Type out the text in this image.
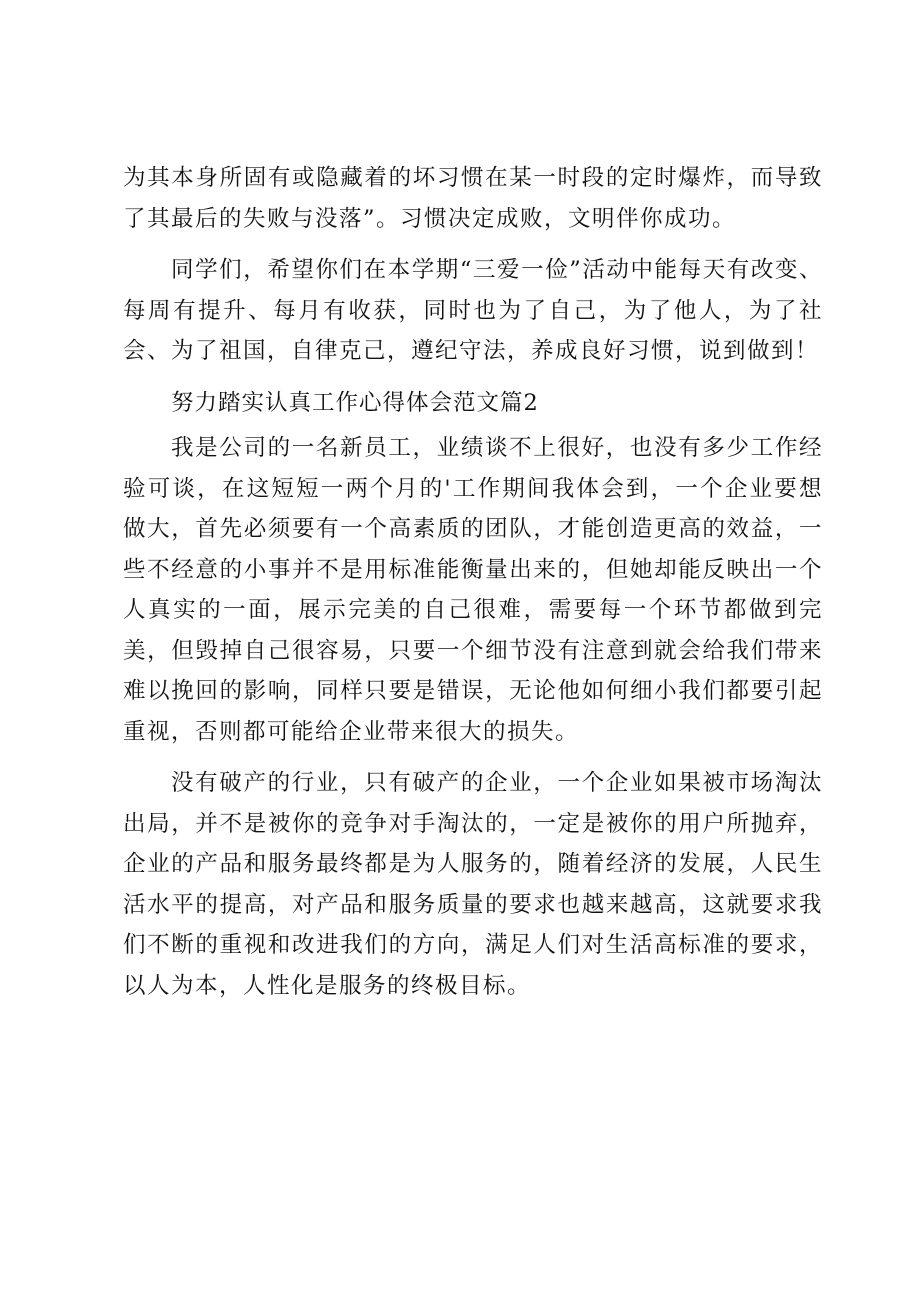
为其本身所固有或隐藏着的坏习惯在某一时段的定时爆炸，而导致了其最后的失败与没落”。习惯决定成败，文明伴你成功。

同学们，希望你们在本学期“三爱一俭”活动中能每天有改变、每周有提升、每月有收获，同时也为了自己，为了他人，为了社会、为了祖国，自律克己，遵纪守法，养成良好习惯，说到做到！

努力踏实认真工作心得体会范文篇2

我是公司的一名新员工，业绩谈不上很好，也没有多少工作经验可谈，在这短短一两个月的'工作期间我体会到，一个企业要想做大，首先必须要有一个高素质的团队，才能创造更高的效益，一些不经意的小事并不是用标准能衡量出来的，但她却能反映出一个人真实的一面，展示完美的自己很难，需要每一个环节都做到完美，但毁掉自己很容易，只要一个细节没有注意到就会给我们带来难以挽回的影响，同样只要是错误，无论他如何细小我们都要引起重视，否则都可能给企业带来很大的损失。

没有破产的行业，只有破产的企业，一个企业如果被市场淘汰出局，并不是被你的竞争对手淘汰的，一定是被你的用户所抛弃，企业的产品和服务最终都是为人服务的，随着经济的发展，人民生活水平的提高，对产品和服务质量的要求也越来越高，这就要求我们不断的重视和改进我们的方向，满足人们对生活高标准的要求，以人为本，人性化是服务的终极目标。
